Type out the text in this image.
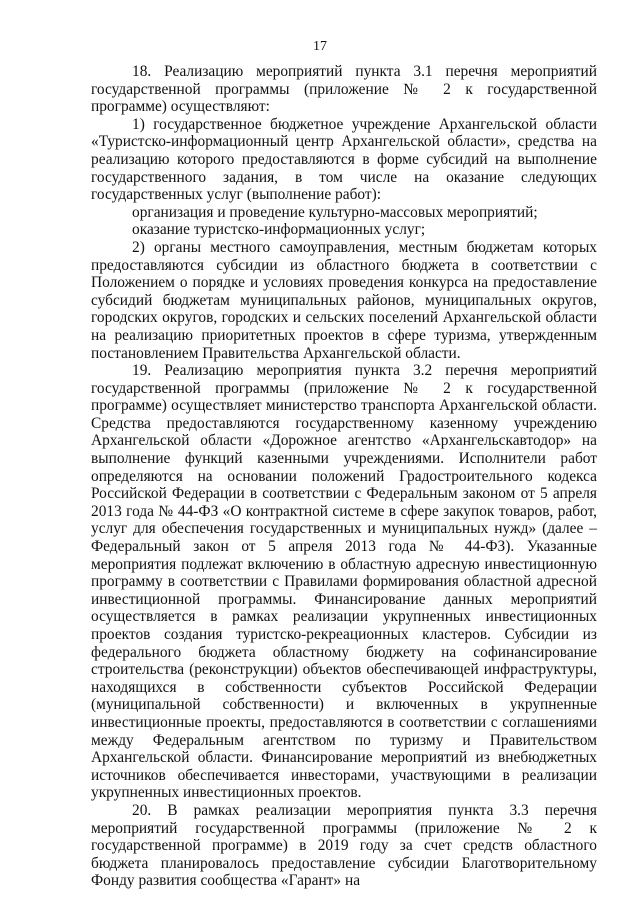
17

18. Реализацию мероприятий пункта 3.1 перечня мероприятий государственной программы (приложение № 2 к государственной программе) осуществляют:

1) государственное бюджетное учреждение Архангельской области «Туристско-информационный центр Архангельской области», средства на реализацию которого предоставляются в форме субсидий на выполнение государственного задания, в том числе на оказание следующих государственных услуг (выполнение работ):

организация и проведение культурно-массовых мероприятий;

оказание туристско-информационных услуг;

2) органы местного самоуправления, местным бюджетам которых предоставляются субсидии из областного бюджета в соответствии с Положением о порядке и условиях проведения конкурса на предоставление субсидий бюджетам муниципальных районов, муниципальных округов, городских округов, городских и сельских поселений Архангельской области на реализацию приоритетных проектов в сфере туризма, утвержденным постановлением Правительства Архангельской области.

19. Реализацию мероприятия пункта 3.2 перечня мероприятий государственной программы (приложение № 2 к государственной программе) осуществляет министерство транспорта Архангельской области. Средства предоставляются государственному казенному учреждению Архангельской области «Дорожное агентство «Архангельскавтодор» на выполнение функций казенными учреждениями. Исполнители работ определяются на основании положений Градостроительного кодекса Российской Федерации в соответствии с Федеральным законом от 5 апреля 2013 года № 44-ФЗ «О контрактной системе в сфере закупок товаров, работ, услуг для обеспечения государственных и муниципальных нужд» (далее – Федеральный закон от 5 апреля 2013 года № 44-ФЗ). Указанные мероприятия подлежат включению в областную адресную инвестиционную программу в соответствии с Правилами формирования областной адресной инвестиционной программы. Финансирование данных мероприятий осуществляется в рамках реализации укрупненных инвестиционных проектов создания туристско-рекреационных кластеров. Субсидии из федерального бюджета областному бюджету на софинансирование строительства (реконструкции) объектов обеспечивающей инфраструктуры, находящихся в собственности субъектов Российской Федерации (муниципальной собственности) и включенных в укрупненные инвестиционные проекты, предоставляются в соответствии с соглашениями между Федеральным агентством по туризму и Правительством Архангельской области. Финансирование мероприятий из внебюджетных источников обеспечивается инвесторами, участвующими в реализации укрупненных инвестиционных проектов.

20. В рамках реализации мероприятия пункта 3.3 перечня мероприятий государственной программы (приложение № 2 к государственной программе) в 2019 году за счет средств областного бюджета планировалось предоставление субсидии Благотворительному Фонду развития сообщества «Гарант» на
